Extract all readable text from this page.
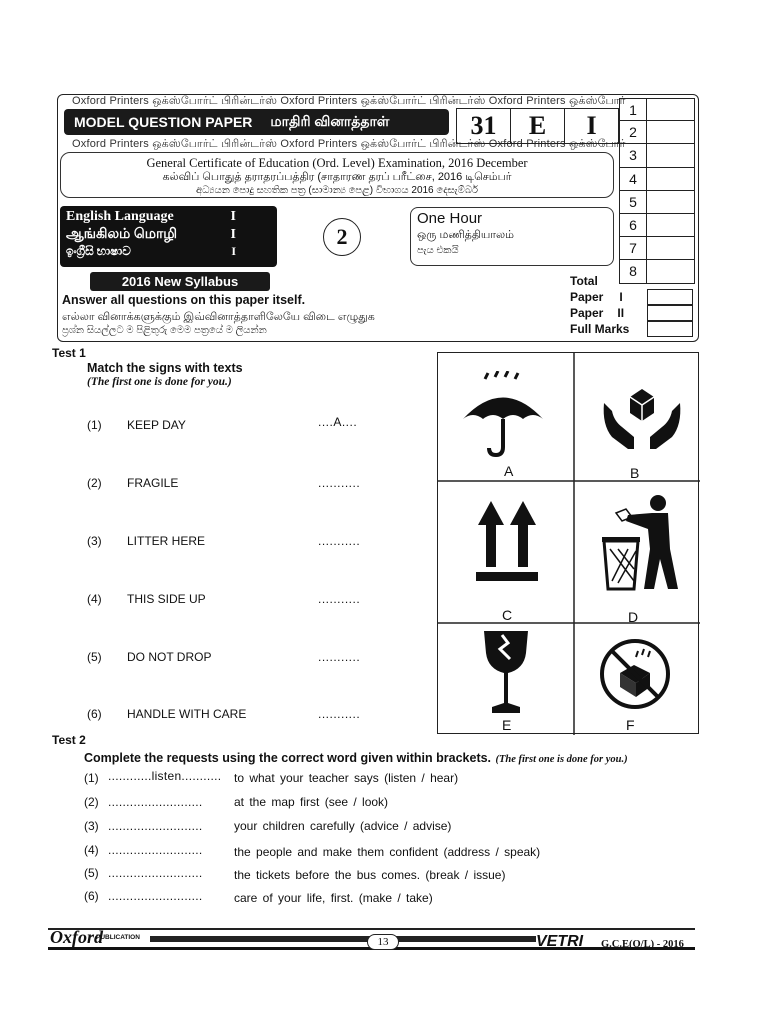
Oxford Printers ஒக்ஸ்போர்ட் பிரின்டர்ஸ் Oxford Printers ஒக்ஸ்போர்ட் பிரின்டர்ஸ் Oxford Printers ஒக்ஸ்போர்
Oxford Printers ஒக்ஸ்போர்ட் பிரின்டர்ஸ் Oxford Printers ஒக்ஸ்போர்ட் பிரின்டர்ஸ் Oxford Printers ஒக்ஸ்போர்
MODEL QUESTION PAPER மாதிரி வினாத்தாள்	31	E	I
General Certificate of Education (Ord. Level) Examination, 2016 December
கல்விப் பொதுத் தராதரப்பத்திர (சாதாரண தரப் பரீட்சை, 2016 டிசெம்பர்
අධ්‍යයන පොදු සහතික පත්‍ර (සාමාන්‍ය පෙළ) විභාගය 2016 දෙසැම්බර්
English Language	I
ஆங்கிலம் மொழி	I
ඉංග්‍රීසි භාෂාව	I
2
One Hour
ஒரு மணித்தியாலம்
පැය එකයි
2016 New Syllabus
Answer all questions on this paper itself.
எல்லா வினாக்களுக்கும் இவ்வினாத்தாளிலேயே விடை எழுதுக
ප්‍රශ්න සියල්ලට ම පිළිතුරු මෙම පත්‍රයේ ම ලියන්න
1
2
3
4
5
6
7
8
Total
Paper I
Paper II
Full Marks
Test 1
Match the signs with texts
(The first one is done for you.)
(1) KEEP DAY	....A....
(2) FRAGILE	...........
(3) LITTER HERE	...........
(4) THIS SIDE UP	...........
(5) DO NOT DROP	...........
(6) HANDLE WITH CARE	...........
A	B
C	D
E	F
Test 2
Complete the requests using the correct word given within brackets. (The first one is done for you.)
(1) ............listen........... to what your teacher says (listen / hear)
(2) ..........................	at the map first (see / look)
(3) ..........................	your children carefully (advice / advise)
(4) ..........................	the people and make them confident (address / speak)
(5) ..........................	the tickets before the bus comes. (break / issue)
(6) ..........................	care of your life, first. (make / take)
Oxford
PUBLICATION	13	VETRI G.C.E(O/L) - 2016
